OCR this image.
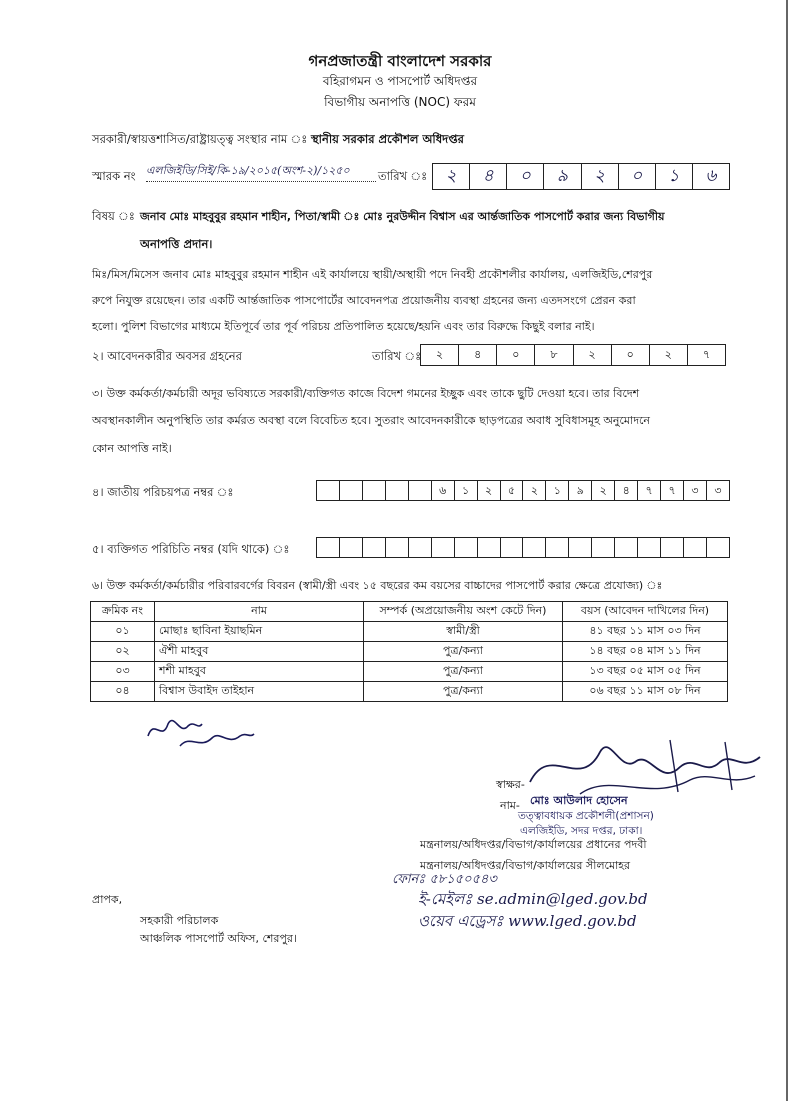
গনপ্রজাতন্ত্রী বাংলাদেশ সরকার
বহিরাগমন ও পাসপোর্ট অধিদপ্তর
বিভাগীয় অনাপত্তি (NOC) ফরম
সরকারী/স্বায়ত্তশাসিত/রাষ্ট্রায়ত্ত্ব সংস্থার নাম ঃ স্থানীয় সরকার প্রকৌশল অধিদপ্তর
স্মারক নং এলজিইডি/সিই/কি-১৯/২০১৫(অংশ-২)/১২৫০	তারিখ ঃ	২	৪	০	৯	২	০	১	৬
বিষয় ঃ জনাব মোঃ মাহবুবুর রহমান শাহীন, পিতা/স্বামী ঃ মোঃ নুরউদ্দীন বিশ্বাস এর আর্ন্তজাতিক পাসপোর্ট করার জন্য বিভাগীয়
অনাপত্তি প্রদান।
মিঃ/মিস/মিসেস জনাব মোঃ মাহবুবুর রহমান শাহীন এই কার্যালয়ে স্থায়ী/অস্থায়ী পদে নিবহী প্রকৌশলীর কার্যালয়, এলজিইডি,শেরপুর
রুপে নিযুক্ত রয়েছেন। তার একটি আর্ন্তজাতিক পাসপোর্টের আবেদনপত্র প্রয়োজনীয় ব্যবস্থা গ্রহনের জন্য এতদসংগে প্রেরন করা
হলো। পুলিশ বিভাগের মাধ্যমে ইতিপূর্বে তার পূর্ব পরিচয় প্রতিপালিত হয়েছে/হয়নি এবং তার বিরুদ্ধে কিছুই বলার নাই।
২। আবেদনকারীর অবসর গ্রহনের	তারিখ ঃ	২	৪	০	৮	২	০	২	৭
৩। উক্ত কর্মকর্তা/কর্মচারী অদূর ভবিষ্যতে সরকারী/ব্যক্তিগত কাজে বিদেশ গমনের ইচ্ছুক এবং তাকে ছুটি দেওয়া হবে। তার বিদেশ
অবস্থানকালীন অনুপস্থিতি তার কর্মরত অবস্থা বলে বিবেচিত হবে। সুতরাং আবেদনকারীকে ছাড়পত্রের অবাধ সুবিধাসমূহ অনুমোদনে
কোন আপত্তি নাই।
৪। জাতীয় পরিচয়পত্র নম্বর ঃ	৬	১	২	৫	২	১	৯	২	৪	৭	৭	৩	৩
৫। ব্যক্তিগত পরিচিতি নম্বর (যদি থাকে) ঃ
৬। উক্ত কর্মকর্তা/কর্মচারীর পরিবারবর্গের বিবরন (স্বামী/স্ত্রী এবং ১৫ বছরের কম বয়সের বাচ্চাদের পাসপোর্ট করার ক্ষেত্রে প্রযোজ্য) ঃ
ক্রমিক নং	নাম	সম্পর্ক (অপ্রয়োজনীয় অংশ কেটে দিন)	বয়স (আবেদন দাখিলের দিন)
০১	মোছাঃ ছাবিনা ইয়াছমিন	স্বামী/স্ত্রী	৪১ বছর ১১ মাস ০৩ দিন
০২	ঐশী মাহবুব	পুত্র/কন্যা	১৪ বছর ০৪ মাস ১১ দিন
০৩	শশী মাহবুব	পুত্র/কন্যা	১৩ বছর ০৫ মাস ০৫ দিন
০৪	বিশ্বাস উবাইদ তাইহান	পুত্র/কন্যা	০৬ বছর ১১ মাস ০৮ দিন
স্বাক্ষর-
নাম- মোঃ আউলাদ হোসেন
তত্ত্বাবধায়ক প্রকৌশলী(প্রশাসন)
এলজিইডি, সদর দপ্তর, ঢাকা।
মন্ত্রনালয়/অধিদপ্তর/বিভাগ/কার্যালয়ের প্রধানের পদবী
মন্ত্রনালয়/অধিদপ্তর/বিভাগ/কার্যালয়ের সীলমোহর
ফোনঃ ৫৮১৫০৫৪৩
ই-মেইলঃ se.admin@lged.gov.bd
ওয়েব এড্রেসঃ www.lged.gov.bd
প্রাপক,
সহকারী পরিচালক
আঞ্চলিক পাসপোর্ট অফিস, শেরপুর।
